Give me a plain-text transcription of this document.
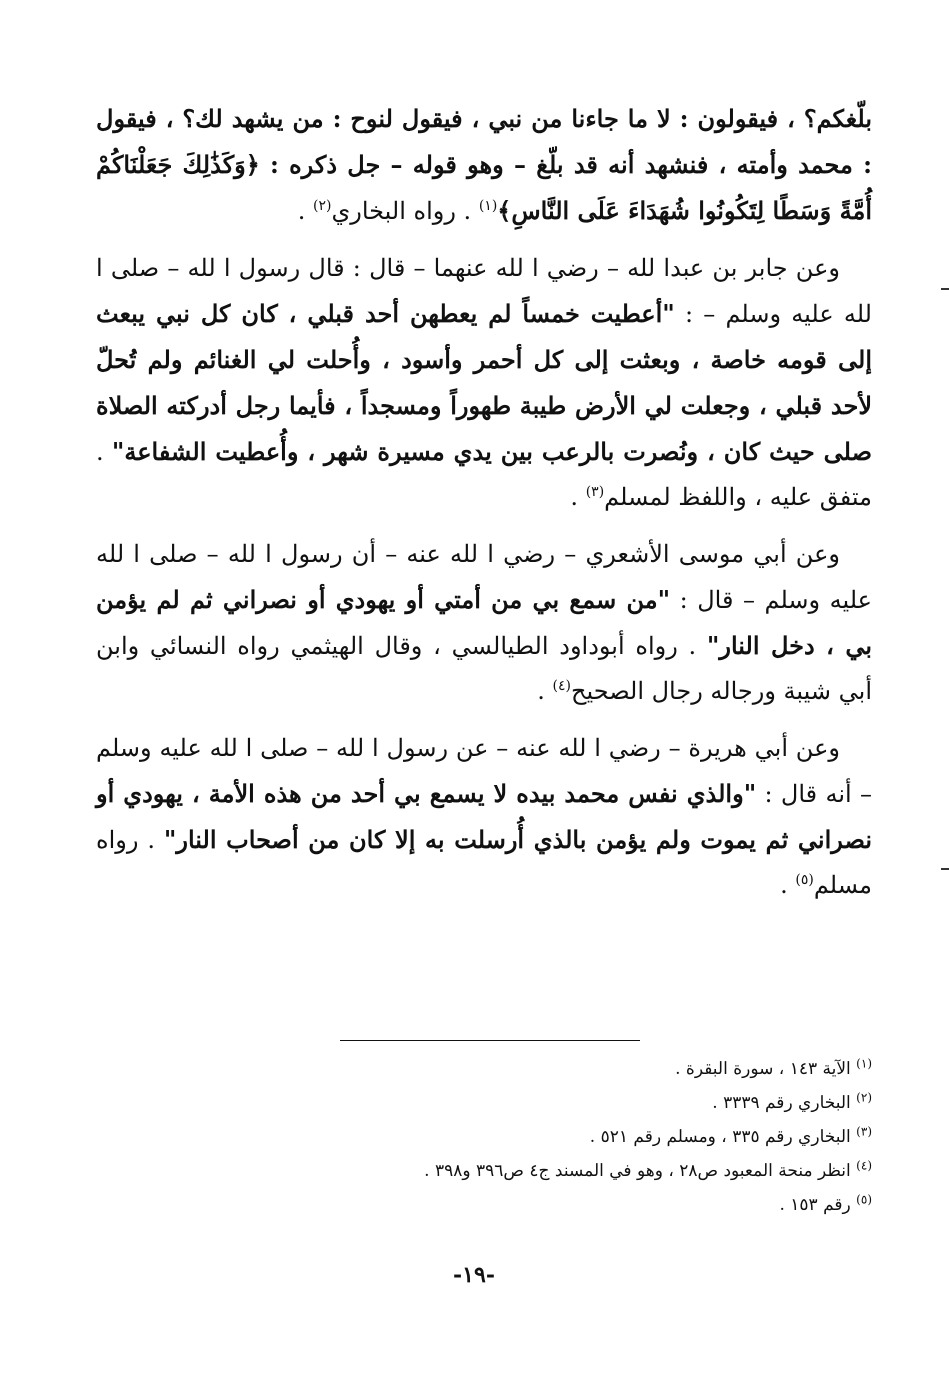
بلّغكم؟ ، فيقولون : لا ما جاءنا من نبي ، فيقول لنوح : من يشهد لك؟ ، فيقول : محمد وأمته ، فنشهد أنه قد بلّغ – وهو قوله – جل ذكره : ﴿وَكَذَٰلِكَ جَعَلْنَاكُمْ أُمَّةً وَسَطًا لِتَكُونُوا شُهَدَاءَ عَلَى النَّاسِ﴾$^{(١)}$ . رواه البخاري$^{(٢)}$ .

وعن جابر بن عبدا لله – رضي ا لله عنهما – قال : قال رسول ا لله – صلى ا لله عليه وسلم – : "أعطيت خمساً لم يعطهن أحد قبلي ، كان كل نبي يبعث إلى قومه خاصة ، وبعثت إلى كل أحمر وأسود ، وأُحلت لي الغنائم ولم تُحلّ لأحد قبلي ، وجعلت لي الأرض طيبة طهوراً ومسجداً ، فأيما رجل أدركته الصلاة صلى حيث كان ، ونُصرت بالرعب بين يدي مسيرة شهر ، وأُعطيت الشفاعة" . متفق عليه ، واللفظ لمسلم$^{(٣)}$ .

وعن أبي موسى الأشعري – رضي ا لله عنه – أن رسول ا لله – صلى ا لله عليه وسلم – قال : "من سمع بي من أمتي أو يهودي أو نصراني ثم لم يؤمن بي ، دخل النار" . رواه أبوداود الطيالسي ، وقال الهيثمي رواه النسائي وابن أبي شيبة ورجاله رجال الصحيح$^{(٤)}$ .

وعن أبي هريرة – رضي ا لله عنه – عن رسول ا لله – صلى ا لله عليه وسلم – أنه قال : "والذي نفس محمد بيده لا يسمع بي أحد من هذه الأمة ، يهودي أو نصراني ثم يموت ولم يؤمن بالذي أُرسلت به إلا كان من أصحاب النار" . رواه مسلم$^{(٥)}$ .

$^{(١)}$ الآية ١٤٣ ، سورة البقرة .

$^{(٢)}$ البخاري رقم ٣٣٣٩ .

$^{(٣)}$ البخاري رقم ٣٣٥ ، ومسلم رقم ٥٢١ .

$^{(٤)}$ انظر منحة المعبود ص٢٨ ، وهو في المسند ج٤ ص٣٩٦ و٣٩٨ .

$^{(٥)}$ رقم ١٥٣ .

-١٩-
